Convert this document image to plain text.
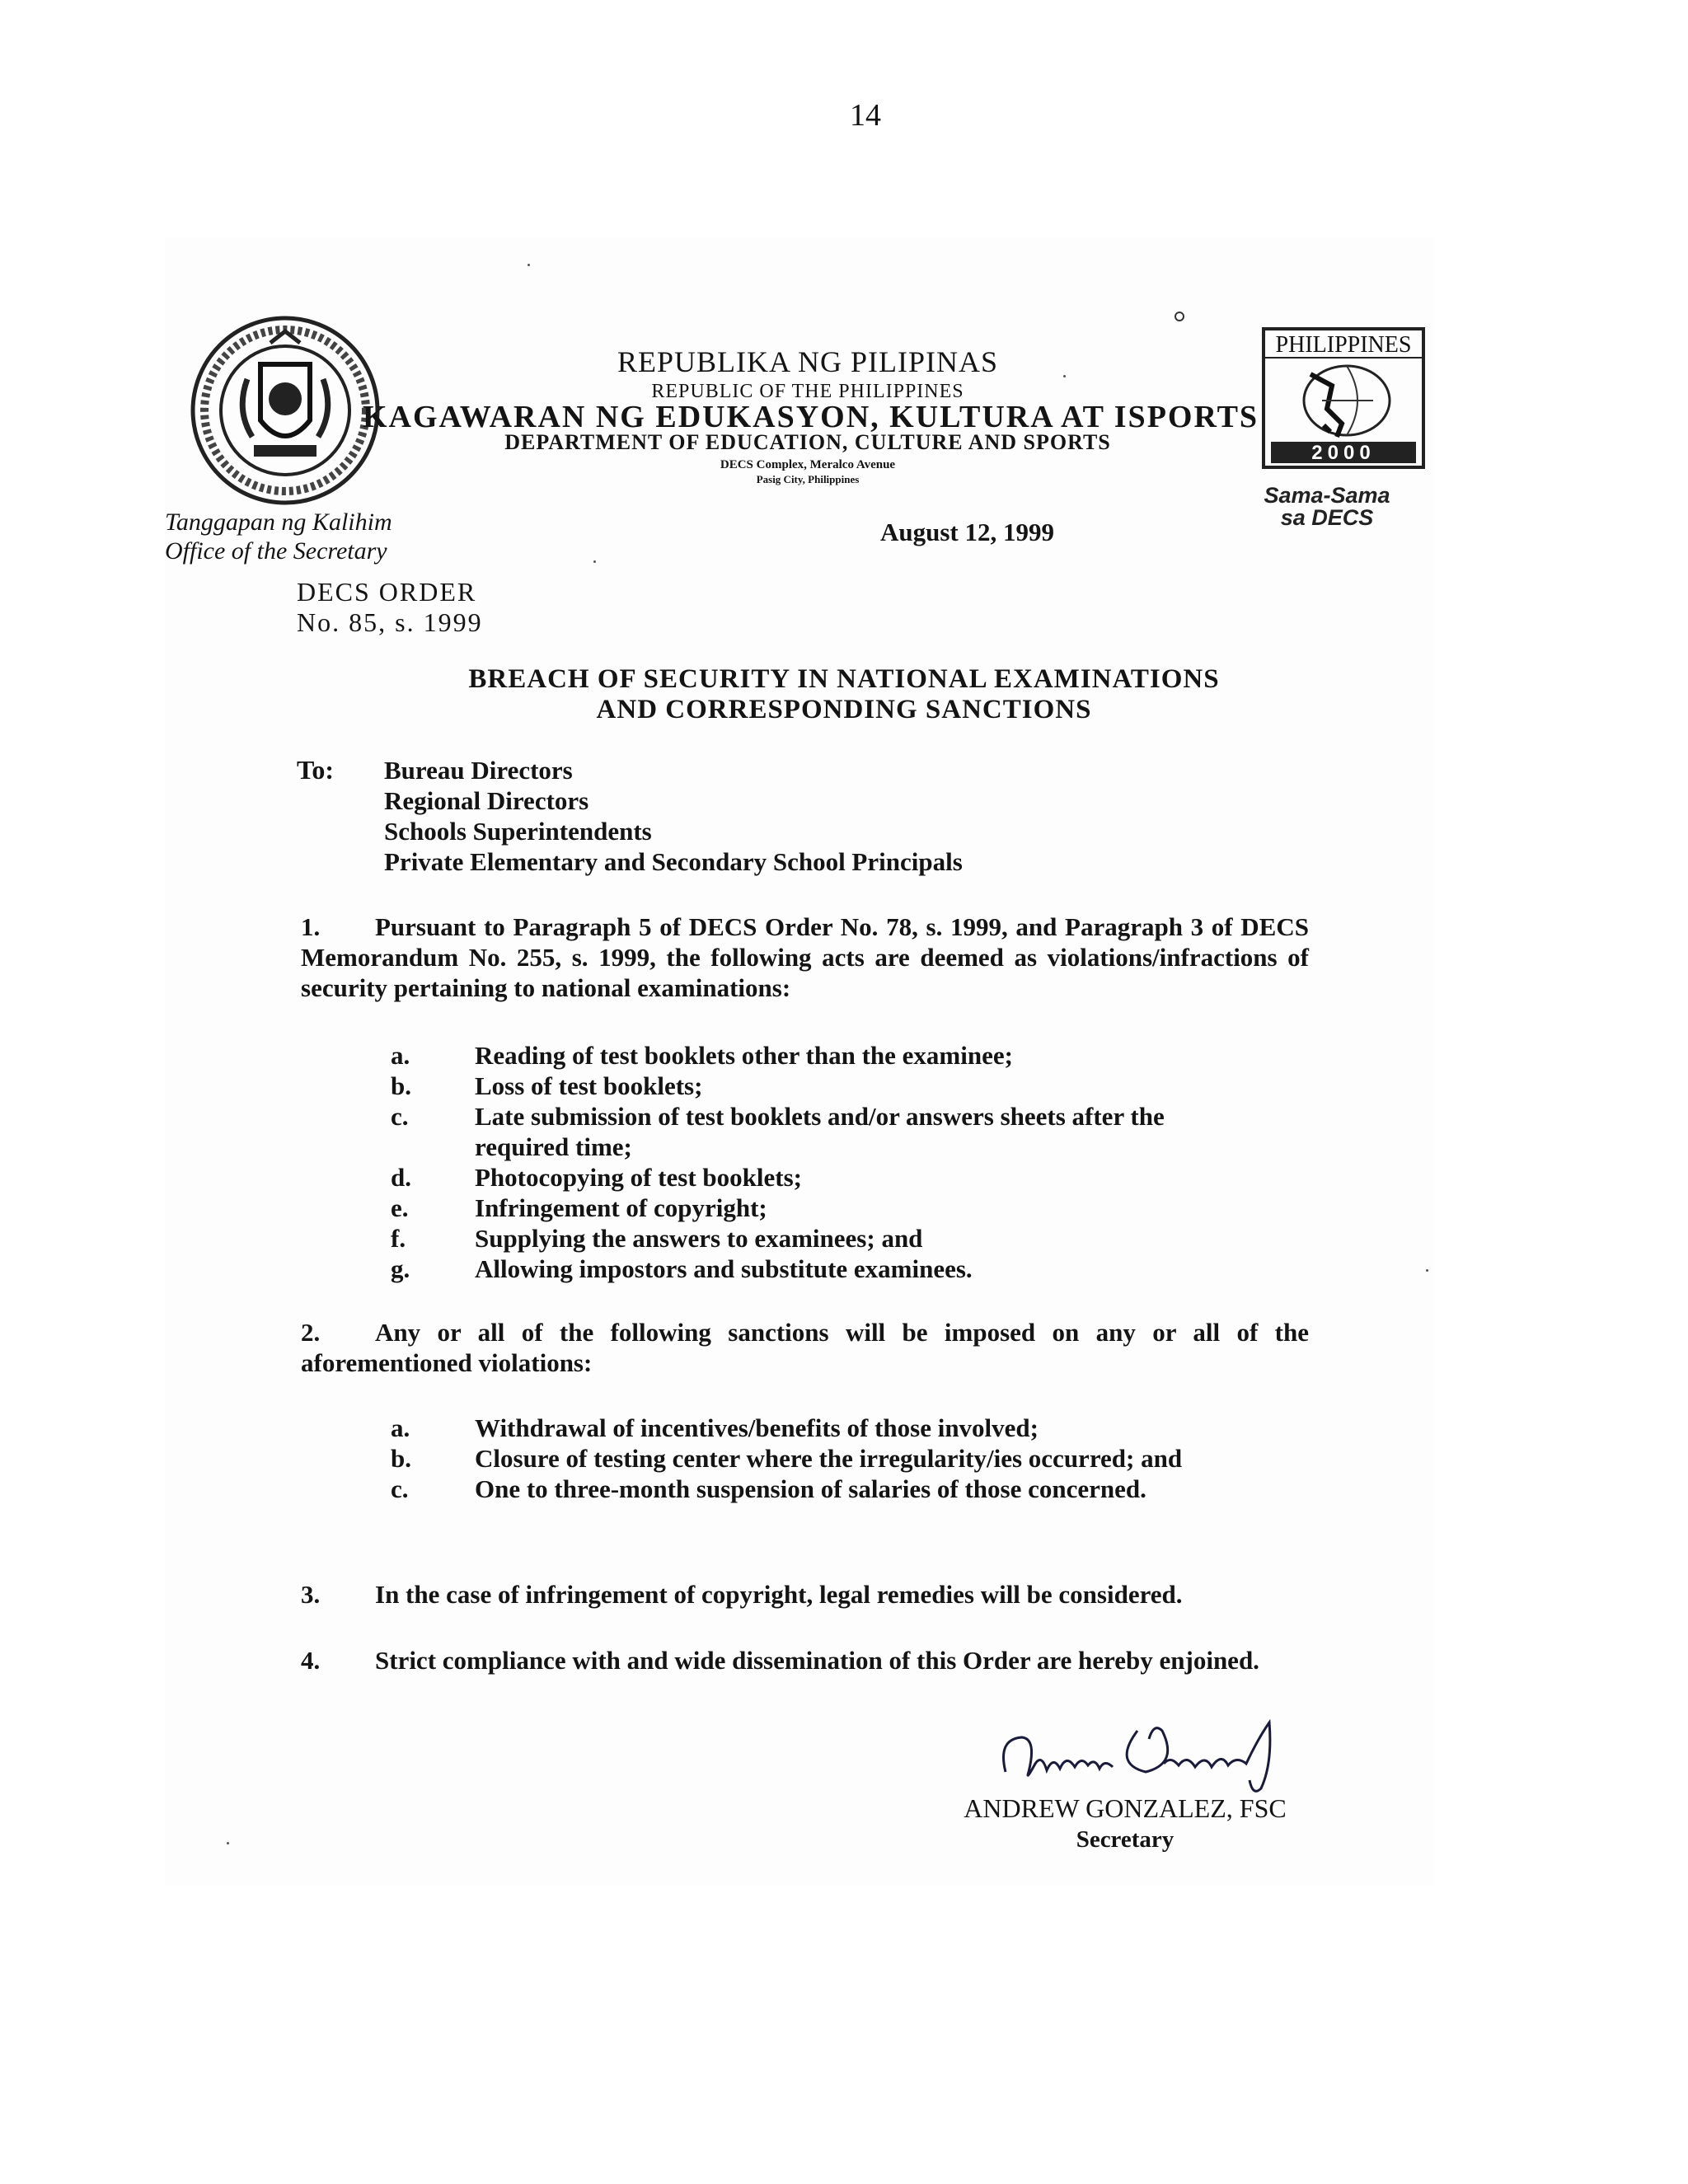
14
PHILIPPINES
2000
Sama-Sama
sa DECS
REPUBLIKA NG PILIPINAS
REPUBLIC OF THE PHILIPPINES
KAGAWARAN NG EDUKASYON, KULTURA AT ISPORTS
DEPARTMENT OF EDUCATION, CULTURE AND SPORTS
DECS Complex, Meralco Avenue
Pasig City, Philippines
Tanggapan ng Kalihim
Office of the Secretary
August 12, 1999
DECS ORDER
No. 85, s. 1999
BREACH OF SECURITY IN NATIONAL EXAMINATIONS
AND CORRESPONDING SANCTIONS
To: Bureau Directors
Regional Directors
Schools Superintendents
Private Elementary and Secondary School Principals
1. Pursuant to Paragraph 5 of DECS Order No. 78, s. 1999, and Paragraph 3 of DECS Memorandum No. 255, s. 1999, the following acts are deemed as violations/infractions of security pertaining to national examinations:
a.	Reading of test booklets other than the examinee;
b.	Loss of test booklets;
c.	Late submission of test booklets and/or answers sheets after the required time;
d.	Photocopying of test booklets;
e.	Infringement of copyright;
f.	Supplying the answers to examinees; and
g.	Allowing impostors and substitute examinees.
2. Any or all of the following sanctions will be imposed on any or all of the aforementioned violations:
a.	Withdrawal of incentives/benefits of those involved;
b.	Closure of testing center where the irregularity/ies occurred; and
c.	One to three-month suspension of salaries of those concerned.
3. In the case of infringement of copyright, legal remedies will be considered.
4. Strict compliance with and wide dissemination of this Order are hereby enjoined.
ANDREW GONZALEZ, FSC
Secretary
